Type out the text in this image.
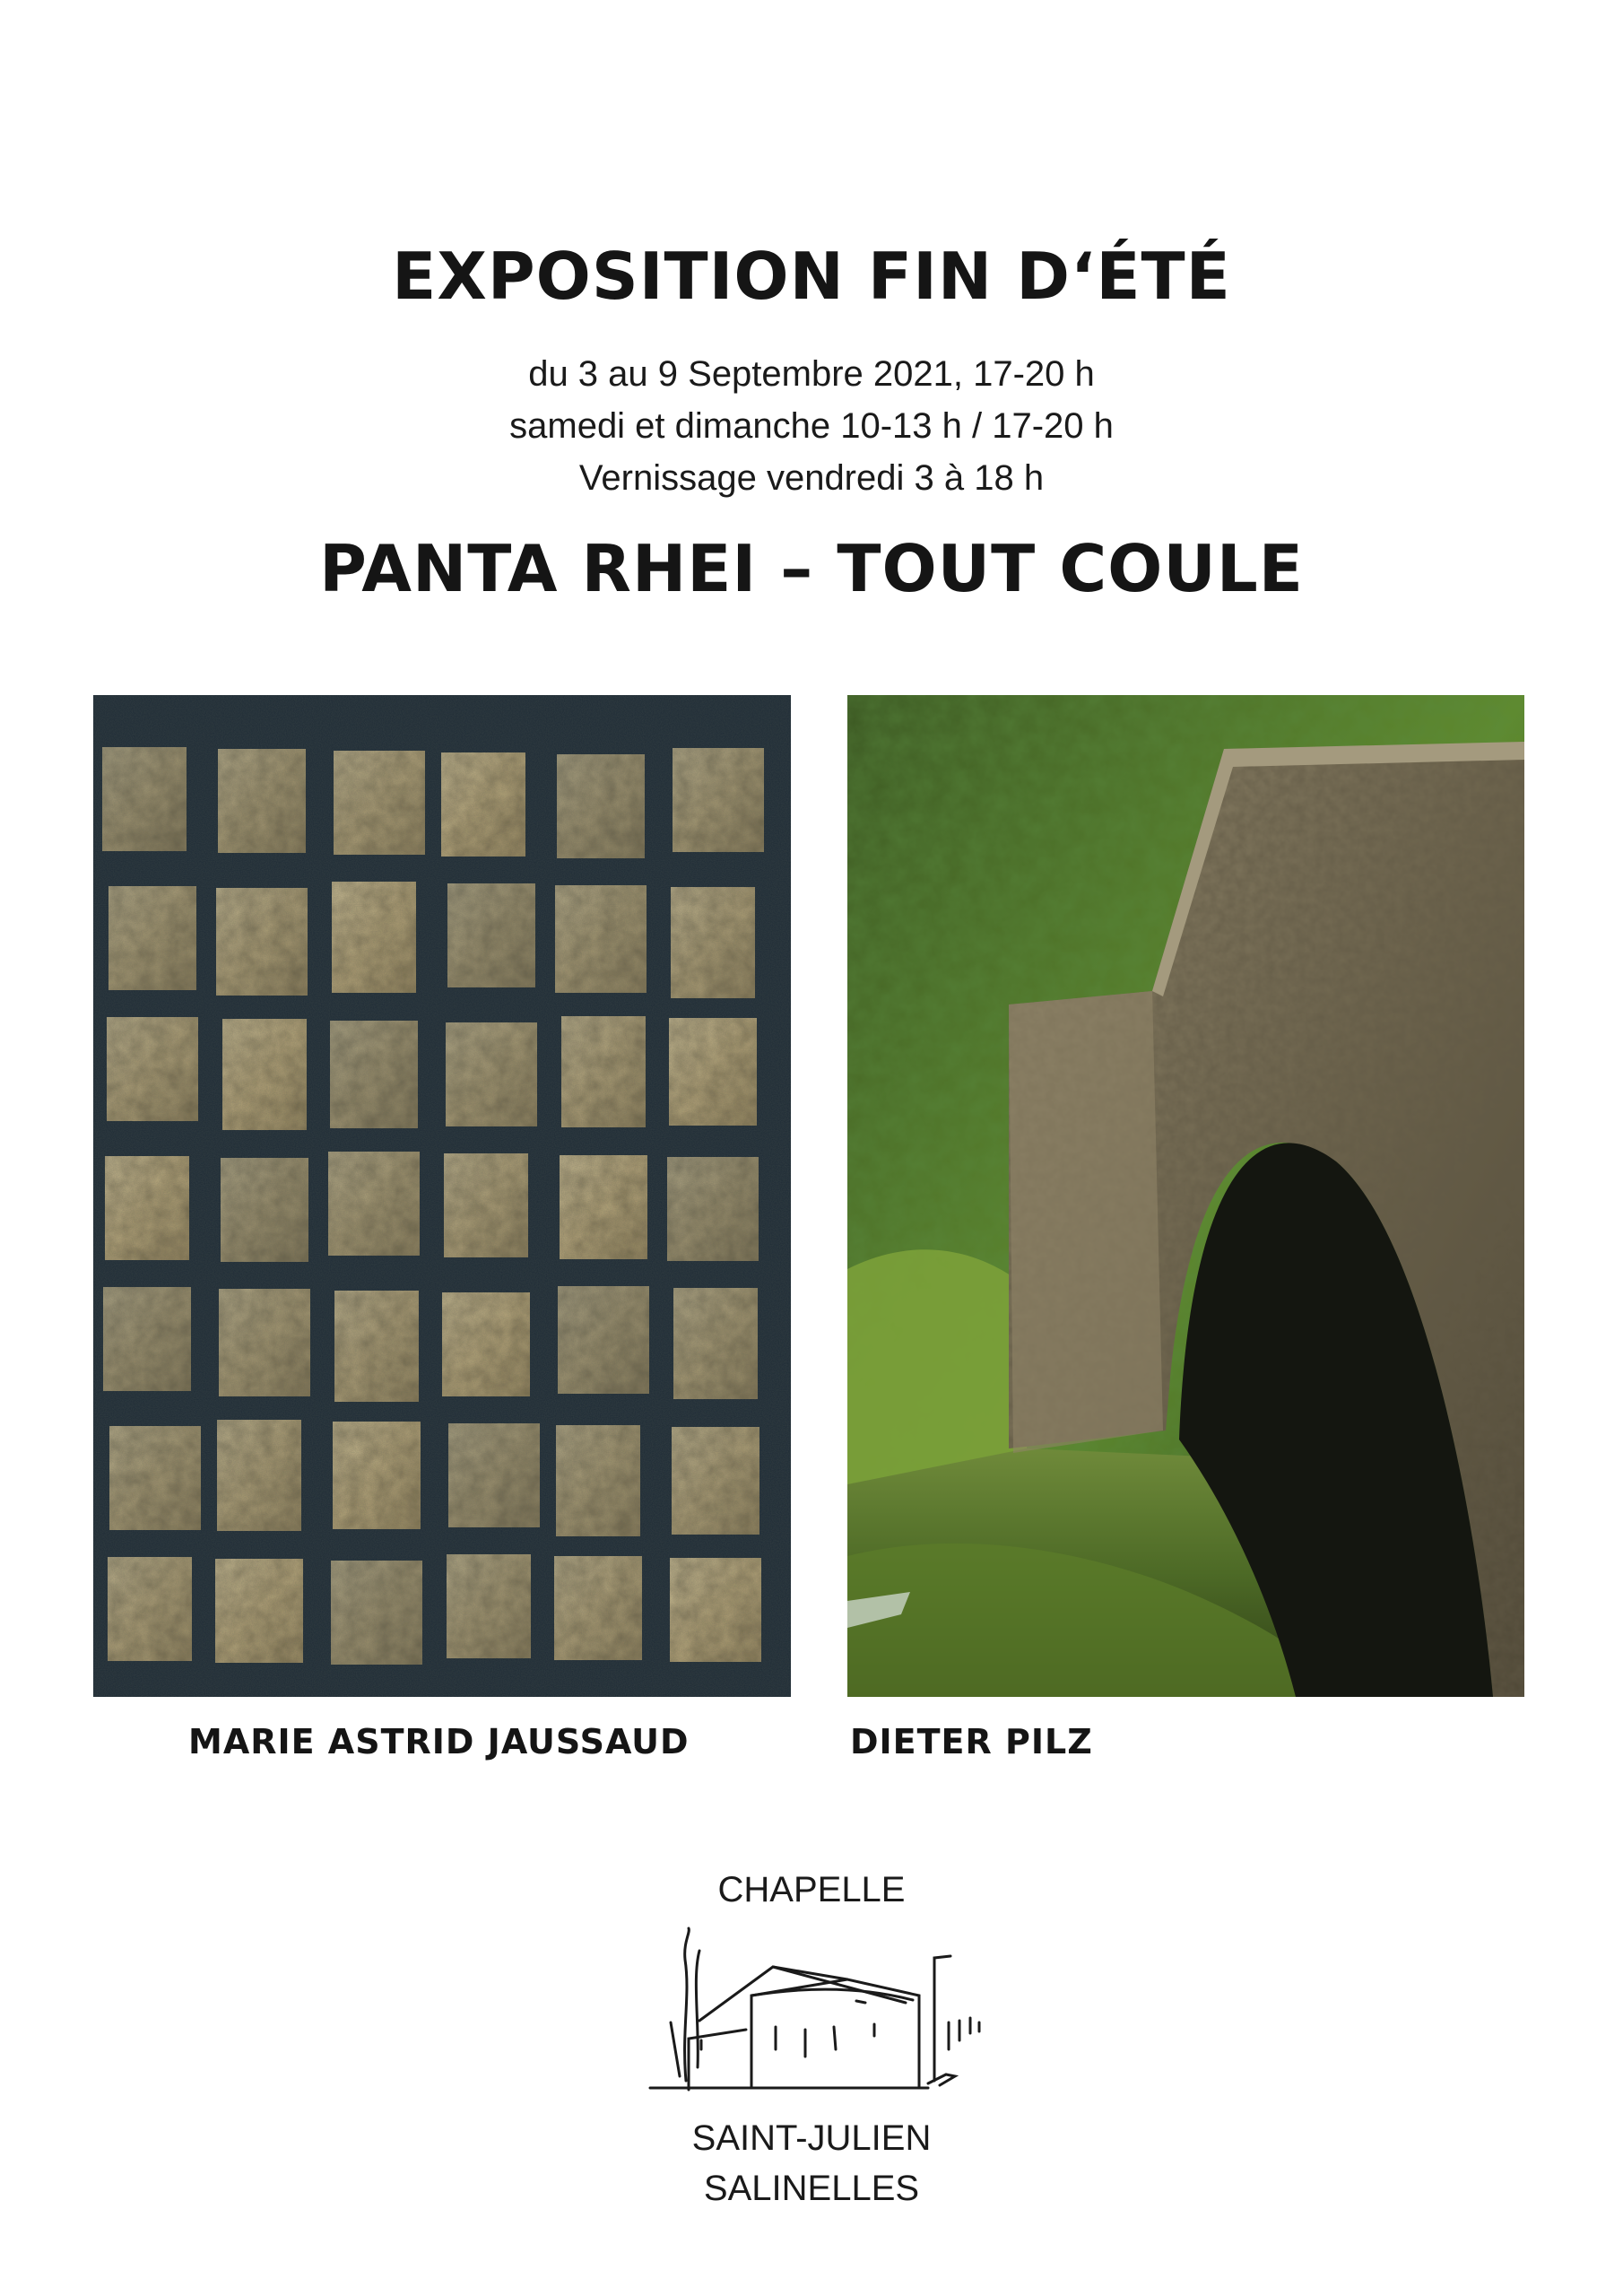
EXPOSITION FIN D‘ÉTÉ
du 3 au 9 Septembre 2021, 17-20 h
samedi et dimanche 10-13 h / 17-20 h
Vernissage vendredi 3 à 18 h
PANTA RHEI – TOUT COULE
MARIE ASTRID JAUSSAUD	DIETER PILZ
CHAPELLE
SAINT-JULIEN
SALINELLES
